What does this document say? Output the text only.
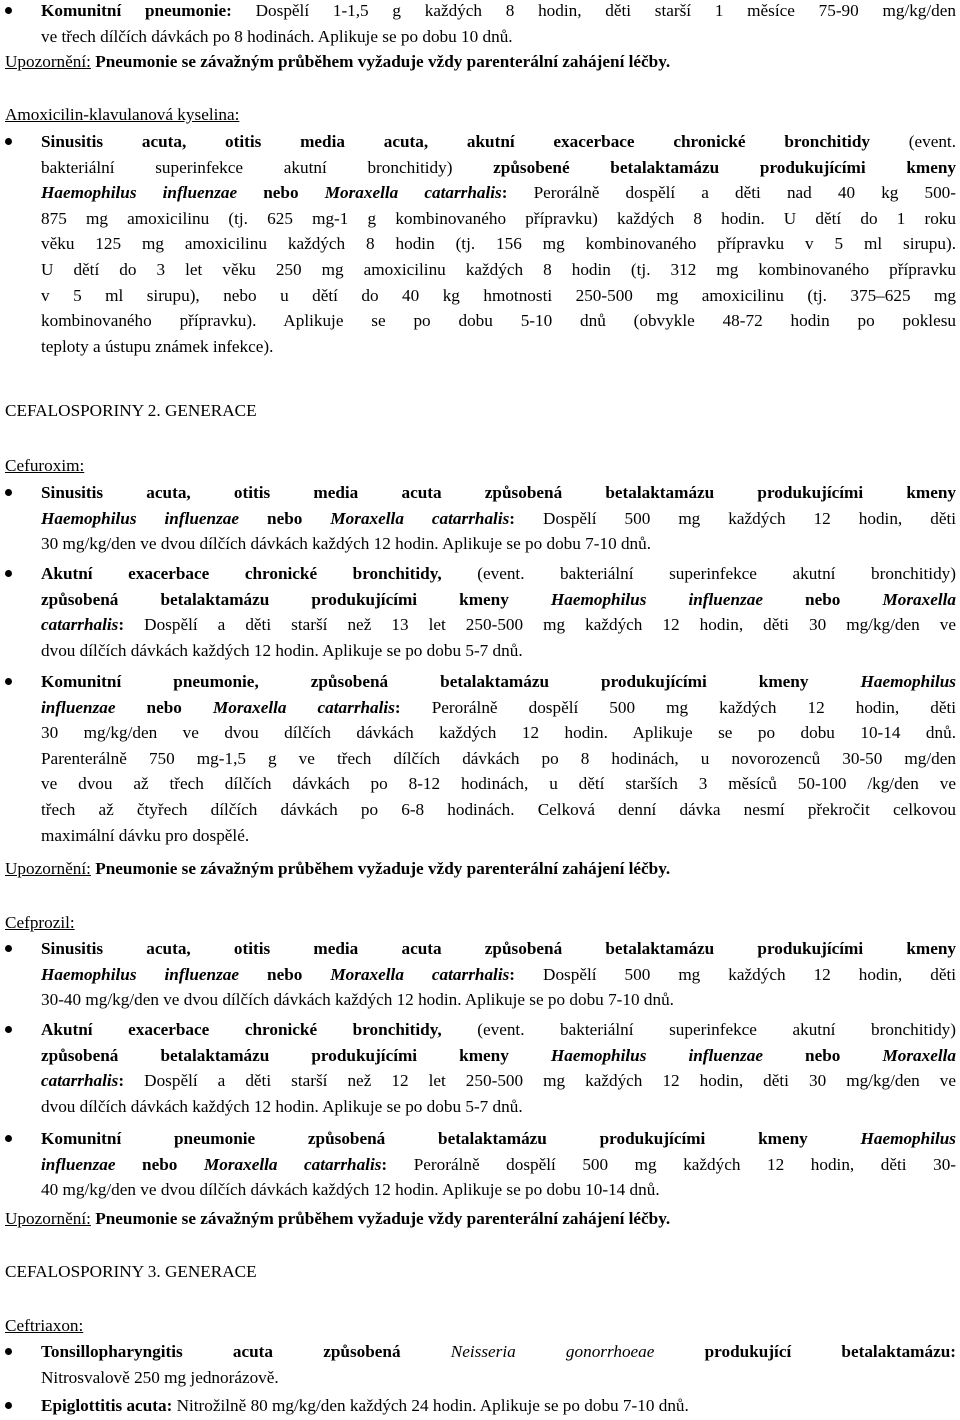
Komunitní pneumonie: Dospělí 1-1,5 g každých 8 hodin, děti starší 1 měsíce 75-90 mg/kg/den
ve třech dílčích dávkách po 8 hodinách. Aplikuje se po dobu 10 dnů.
Upozornění: Pneumonie se závažným průběhem vyžaduje vždy parenterální zahájení léčby.
Amoxicilin-klavulanová kyselina:
Sinusitis acuta, otitis media acuta, akutní exacerbace chronické bronchitidy (event.
bakteriální superinfekce akutní bronchitidy) způsobené betalaktamázu produkujícími kmeny
Haemophilus influenzae nebo Moraxella catarrhalis: Perorálně dospělí a děti nad 40 kg 500-
875 mg amoxicilinu (tj. 625 mg-1 g kombinovaného přípravku) každých 8 hodin. U dětí do 1 roku
věku 125 mg amoxicilinu každých 8 hodin (tj. 156 mg kombinovaného přípravku v 5 ml sirupu).
U dětí do 3 let věku 250 mg amoxicilinu každých 8 hodin (tj. 312 mg kombinovaného přípravku
v 5 ml sirupu), nebo u dětí do 40 kg hmotnosti 250-500 mg amoxicilinu (tj. 375–625 mg
kombinovaného přípravku). Aplikuje se po dobu 5-10 dnů (obvykle 48-72 hodin po poklesu
teploty a ústupu známek infekce).
CEFALOSPORINY 2. GENERACE
Cefuroxim:
Sinusitis acuta, otitis media acuta způsobená betalaktamázu produkujícími kmeny
Haemophilus influenzae nebo Moraxella catarrhalis: Dospělí 500 mg každých 12 hodin, děti
30 mg/kg/den ve dvou dílčích dávkách každých 12 hodin. Aplikuje se po dobu 7-10 dnů.
Akutní exacerbace chronické bronchitidy, (event. bakteriální superinfekce akutní bronchitidy)
způsobená betalaktamázu produkujícími kmeny Haemophilus influenzae nebo Moraxella
catarrhalis: Dospělí a děti starší než 13 let 250-500 mg každých 12 hodin, děti 30 mg/kg/den ve
dvou dílčích dávkách každých 12 hodin. Aplikuje se po dobu 5-7 dnů.
Komunitní pneumonie, způsobená betalaktamázu produkujícími kmeny Haemophilus
influenzae nebo Moraxella catarrhalis: Perorálně dospělí 500 mg každých 12 hodin, děti
30 mg/kg/den ve dvou dílčích dávkách každých 12 hodin. Aplikuje se po dobu 10-14 dnů.
Parenterálně 750 mg-1,5 g ve třech dílčích dávkách po 8 hodinách, u novorozenců 30-50 mg/den
ve dvou až třech dílčích dávkách po 8-12 hodinách, u dětí starších 3 měsíců 50-100 /kg/den ve
třech až čtyřech dílčích dávkách po 6-8 hodinách. Celková denní dávka nesmí překročit celkovou
maximální dávku pro dospělé.
Upozornění: Pneumonie se závažným průběhem vyžaduje vždy parenterální zahájení léčby.
Cefprozil:
Sinusitis acuta, otitis media acuta způsobená betalaktamázu produkujícími kmeny
Haemophilus influenzae nebo Moraxella catarrhalis: Dospělí 500 mg každých 12 hodin, děti
30-40 mg/kg/den ve dvou dílčích dávkách každých 12 hodin. Aplikuje se po dobu 7-10 dnů.
Akutní exacerbace chronické bronchitidy, (event. bakteriální superinfekce akutní bronchitidy)
způsobená betalaktamázu produkujícími kmeny Haemophilus influenzae nebo Moraxella
catarrhalis: Dospělí a děti starší než 12 let 250-500 mg každých 12 hodin, děti 30 mg/kg/den ve
dvou dílčích dávkách každých 12 hodin. Aplikuje se po dobu 5-7 dnů.
Komunitní pneumonie způsobená betalaktamázu produkujícími kmeny Haemophilus
influenzae nebo Moraxella catarrhalis: Perorálně dospělí 500 mg každých 12 hodin, děti 30-
40 mg/kg/den ve dvou dílčích dávkách každých 12 hodin. Aplikuje se po dobu 10-14 dnů.
Upozornění: Pneumonie se závažným průběhem vyžaduje vždy parenterální zahájení léčby.
CEFALOSPORINY 3. GENERACE
Ceftriaxon:
Tonsillopharyngitis acuta způsobená Neisseria gonorrhoeae produkující betalaktamázu:
Nitrosvalově 250 mg jednorázově.
Epiglottitis acuta: Nitrožilně 80 mg/kg/den každých 24 hodin. Aplikuje se po dobu 7-10 dnů.
